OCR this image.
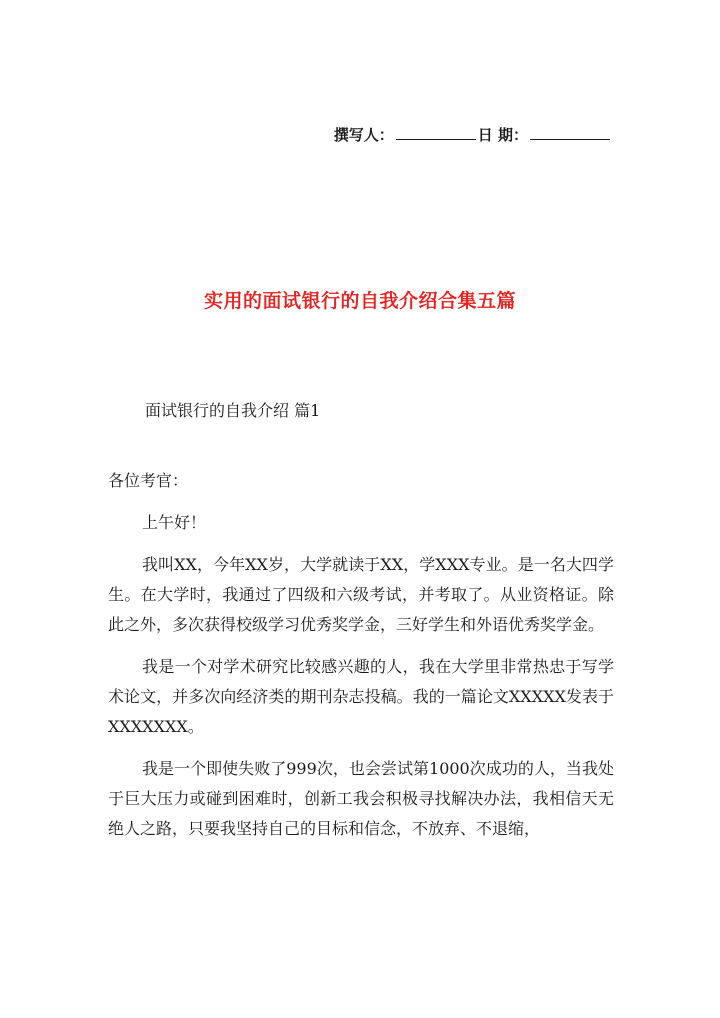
撰写人：	日 期：
实用的面试银行的自我介绍合集五篇
面试银行的自我介绍 篇1
各位考官：

上午好！

我叫XX，今年XX岁，大学就读于XX，学XXX专业。是一名大四学生。在大学时，我通过了四级和六级考试，并考取了。从业资格证。除此之外，多次获得校级学习优秀奖学金，三好学生和外语优秀奖学金。

我是一个对学术研究比较感兴趣的人，我在大学里非常热忠于写学术论文，并多次向经济类的期刊杂志投稿。我的一篇论文XXXXX发表于XXXXXXX。

我是一个即使失败了999次，也会尝试第1000次成功的人，当我处于巨大压力或碰到困难时，创新工我会积极寻找解决办法，我相信天无绝人之路，只要我坚持自己的目标和信念，不放弃、不退缩，
